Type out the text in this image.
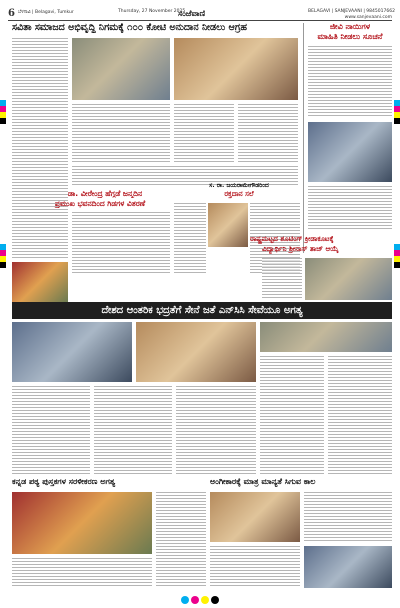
6 ಬೆಳಗಾವಿ | Belagavi, Tumkur	Thursday, 27 November 2025
ಸಂಜೆವಾಣಿ	BELAGAVI | SANJEVAANI | 9845017662
www.sanjevaani.com
ಸವಿತಾ ಸಮಾಜದ ಅಭಿವೃದ್ಧಿ ನಿಗಮಕ್ಕೆ ೧೦೦ ಕೋಟಿ ಅನುದಾನ ನೀಡಲು ಆಗ್ರಹ	ಜೀವಿ ನಾಯಿಗಳ
ಮಾಹಿತಿ ನೀಡಲು ಸೂಚನೆ
ಡಾ. ವೀರೇಂದ್ರ ಹೆಗ್ಗಡೆ ಜನ್ಮದಿನ
ಪ್ರಮುಖ ಭವನದಿಂದ ಗಿಡಗಳ ವಿತರಣೆ
ಸ. ರಾ. ಜಯರಾಮೇಗೌಡರಿಂದ
ರಕ್ತದಾನ ಸಲೆ
ರಾಷ್ಟ್ರಮಟ್ಟದ ಶೂಟಿಂಗ್ ಕ್ರೀಡಾಕೂಟಕ್ಕೆ
ವಿದ್ಯಾರ್ಥಿನಿ ಶ್ರೀನಾಸ್ ತಾಜ್ ಆಯ್ಕೆ
ದೇಶದ ಆಂತರಿಕ ಭದ್ರತೆಗೆ ಸೇನೆ ಜತೆ ಎನ್‌ಸಿಸಿ ಸೇವೆಯೂ ಅಗತ್ಯ
ಕನ್ನಡ ಪಠ್ಯ ಪುಸ್ತಕಗಳ ಸರಳೀಕರಣ ಅಗತ್ಯ	ಅಂಗೀಕಾರಕ್ಕೆ ಮಾತ್ರ ಮಾನ್ಯತೆ ಸಿಗುವ ಕಾಲ
